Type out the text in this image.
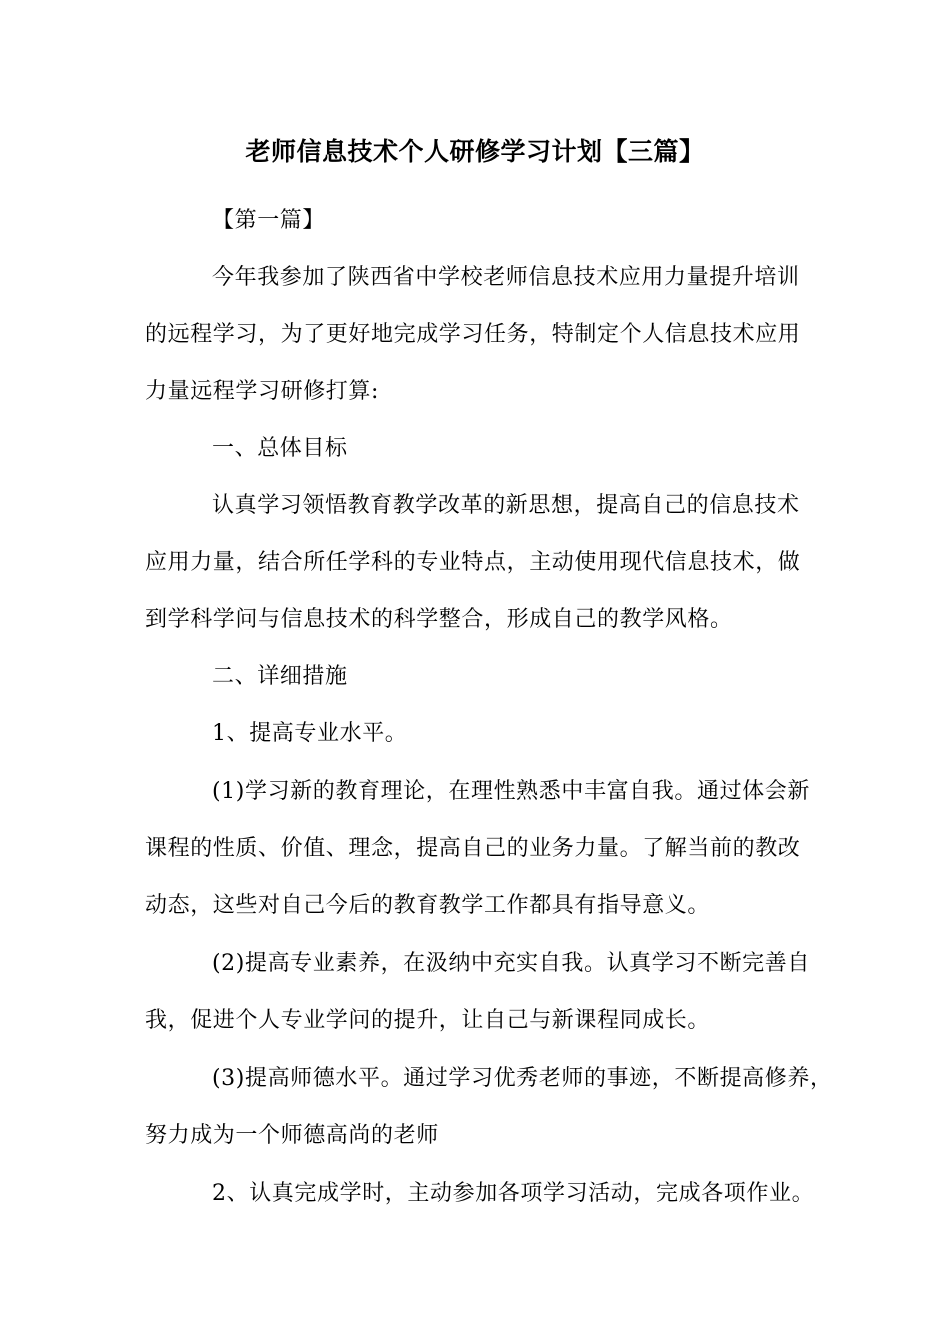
老师信息技术个人研修学习计划【三篇】
【第一篇】
今年我参加了陕西省中学校老师信息技术应用力量提升培训
的远程学习，为了更好地完成学习任务，特制定个人信息技术应用
力量远程学习研修打算:
一、总体目标
认真学习领悟教育教学改革的新思想，提高自己的信息技术
应用力量，结合所任学科的专业特点，主动使用现代信息技术，做
到学科学问与信息技术的科学整合，形成自己的教学风格。
二、详细措施
1、提高专业水平。
(1)学习新的教育理论，在理性熟悉中丰富自我。通过体会新
课程的性质、价值、理念，提高自己的业务力量。了解当前的教改
动态，这些对自己今后的教育教学工作都具有指导意义。
(2)提高专业素养，在汲纳中充实自我。认真学习不断完善自
我，促进个人专业学问的提升，让自己与新课程同成长。
(3)提高师德水平。通过学习优秀老师的事迹，不断提高修养，
努力成为一个师德高尚的老师
2、认真完成学时，主动参加各项学习活动，完成各项作业。
